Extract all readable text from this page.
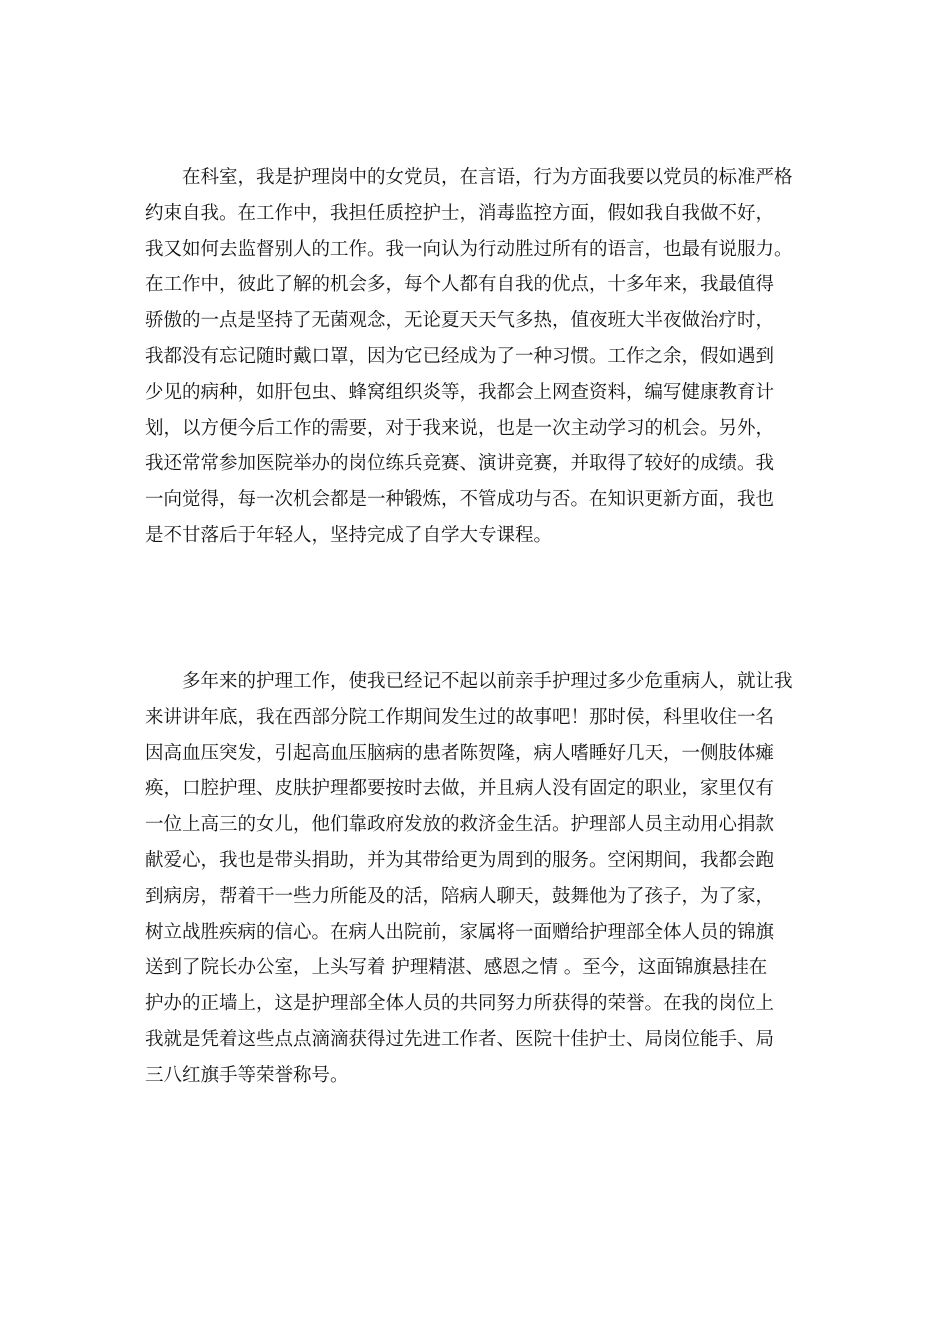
　　在科室，我是护理岗中的女党员，在言语，行为方面我要以党员的标准严格
约束自我。在工作中，我担任质控护士，消毒监控方面，假如我自我做不好，
我又如何去监督别人的工作。我一向认为行动胜过所有的语言，也最有说服力。
在工作中，彼此了解的机会多，每个人都有自我的优点，十多年来，我最值得
骄傲的一点是坚持了无菌观念，无论夏天天气多热，值夜班大半夜做治疗时，
我都没有忘记随时戴口罩，因为它已经成为了一种习惯。工作之余，假如遇到
少见的病种，如肝包虫、蜂窝组织炎等，我都会上网查资料，编写健康教育计
划，以方便今后工作的需要，对于我来说，也是一次主动学习的机会。另外，
我还常常参加医院举办的岗位练兵竞赛、演讲竞赛，并取得了较好的成绩。我
一向觉得，每一次机会都是一种锻炼，不管成功与否。在知识更新方面，我也
是不甘落后于年轻人，坚持完成了自学大专课程。
　　多年来的护理工作，使我已经记不起以前亲手护理过多少危重病人，就让我
来讲讲年底，我在西部分院工作期间发生过的故事吧！那时侯，科里收住一名
因高血压突发，引起高血压脑病的患者陈贺隆，病人嗜睡好几天，一侧肢体瘫
痪，口腔护理、皮肤护理都要按时去做，并且病人没有固定的职业，家里仅有
一位上高三的女儿，他们靠政府发放的救济金生活。护理部人员主动用心捐款
献爱心，我也是带头捐助，并为其带给更为周到的服务。空闲期间，我都会跑
到病房，帮着干一些力所能及的活，陪病人聊天，鼓舞他为了孩子，为了家，
树立战胜疾病的信心。在病人出院前，家属将一面赠给护理部全体人员的锦旗
送到了院长办公室，上头写着 护理精湛、感恩之情 。至今，这面锦旗悬挂在
护办的正墙上，这是护理部全体人员的共同努力所获得的荣誉。在我的岗位上
我就是凭着这些点点滴滴获得过先进工作者、医院十佳护士、局岗位能手、局
三八红旗手等荣誉称号。
